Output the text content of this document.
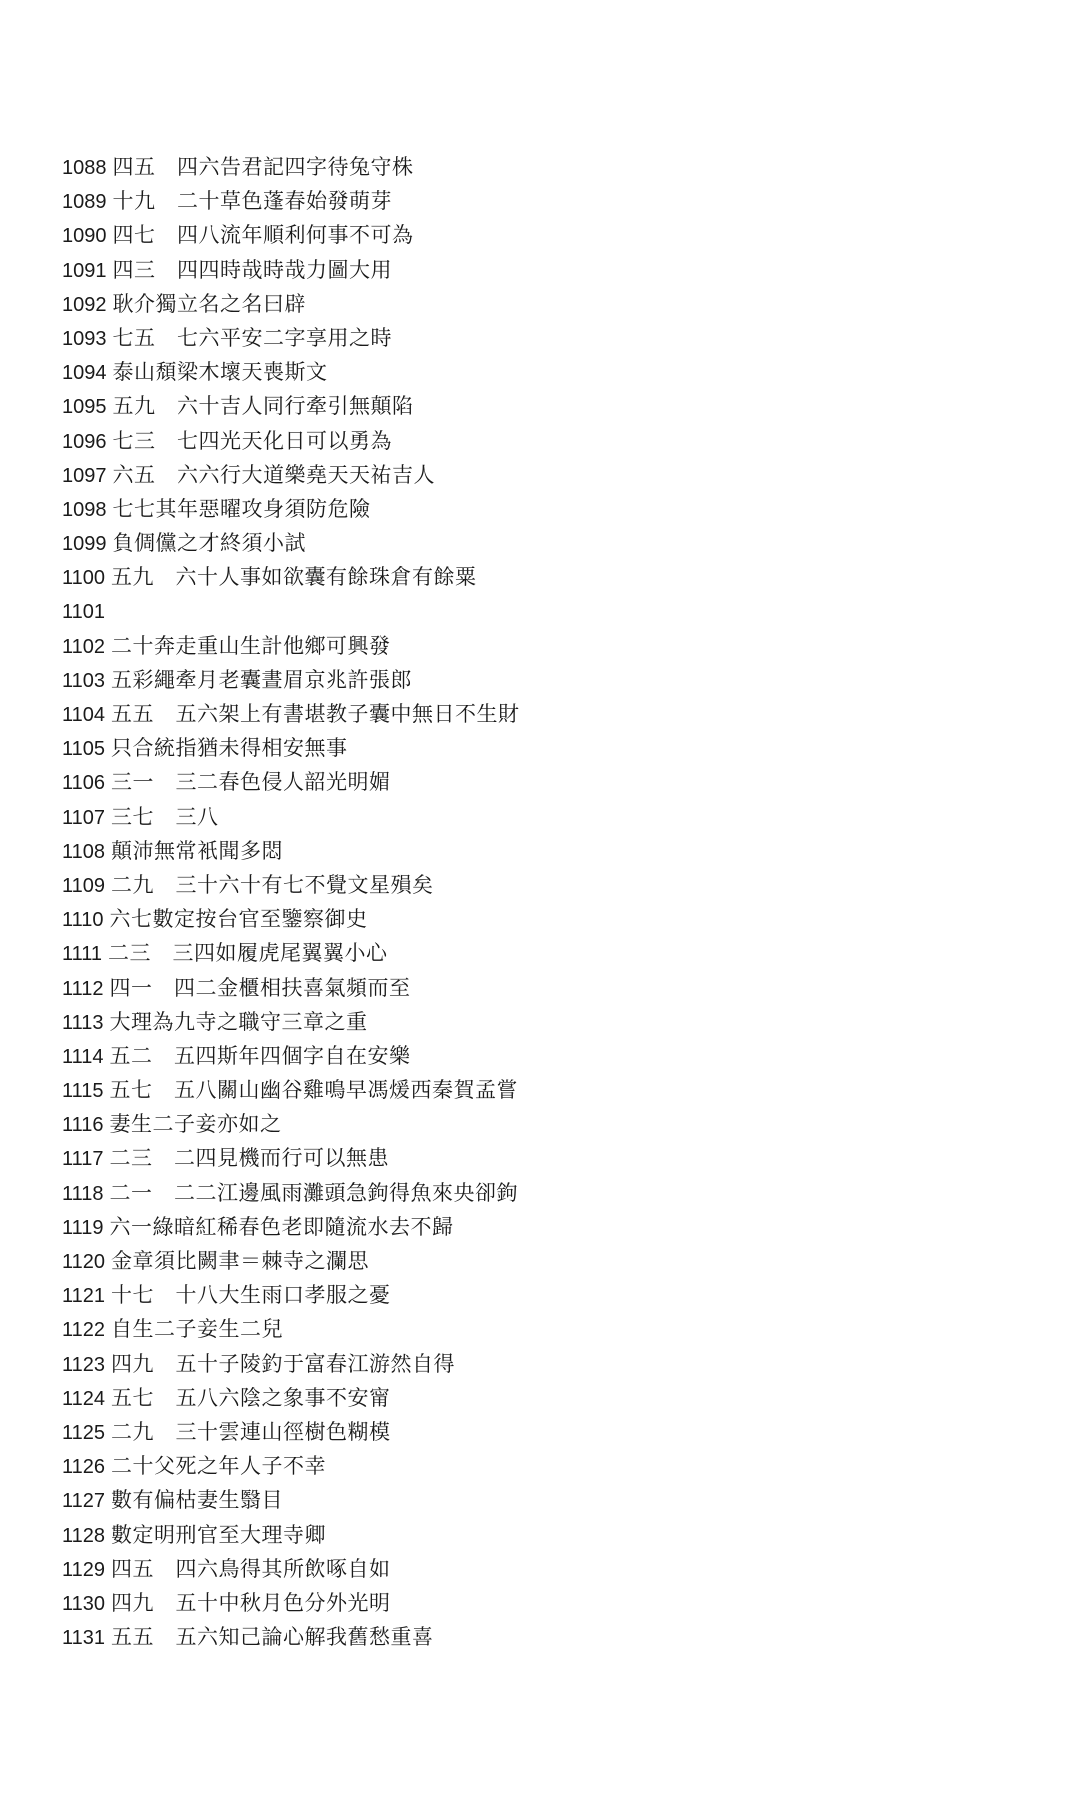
1088 四五　四六告君記四字待兔守株
1089 十九　二十草色蓬春始發萌芽
1090 四七　四八流年順利何事不可為
1091 四三　四四時哉時哉力圖大用
1092 耿介獨立名之名曰辟
1093 七五　七六平安二字享用之時
1094 泰山頹梁木壞天喪斯文
1095 五九　六十吉人同行牽引無顛陷
1096 七三　七四光天化日可以勇為
1097 六五　六六行大道樂堯天天祐吉人
1098 七七其年惡曜攻身須防危險
1099 負倜儻之才終須小試
1100 五九　六十人事如欲囊有餘珠倉有餘粟
1101
1102 二十奔走重山生計他鄉可興發
1103 五彩繩牽月老囊晝眉京兆許張郎
1104 五五　五六架上有書堪教子囊中無日不生財
1105 只合統指猶未得相安無事
1106 三一　三二春色侵人韶光明媚
1107 三七　三八
1108 顛沛無常衹聞多悶
1109 二九　三十六十有七不覺文星殞矣
1110 六七數定按台官至鑒察御史
1111 二三　三四如履虎尾翼翼小心
1112 四一　四二金櫃相扶喜氣頻而至
1113 大理為九寺之職守三章之重
1114 五二　五四斯年四個字自在安樂
1115 五七　五八關山幽谷雞鳴早馮煖西秦賀孟嘗
1116 妻生二子妾亦如之
1117 二三　二四見機而行可以無患
1118 二一　二二江邊風雨灘頭急鉤得魚來央卻鉤
1119 六一綠暗紅稀春色老即隨流水去不歸
1120 金章須比闕聿＝棘寺之瀾思
1121 十七　十八大生雨口孝服之憂
1122 自生二子妾生二兒
1123 四九　五十子陵釣于富春江游然自得
1124 五七　五八六陰之象事不安甯
1125 二九　三十雲連山徑樹色糊模
1126 二十父死之年人子不幸
1127 數有偏枯妻生翳目
1128 數定明刑官至大理寺卿
1129 四五　四六鳥得其所飲啄自如
1130 四九　五十中秋月色分外光明
1131 五五　五六知己論心解我舊愁重喜
